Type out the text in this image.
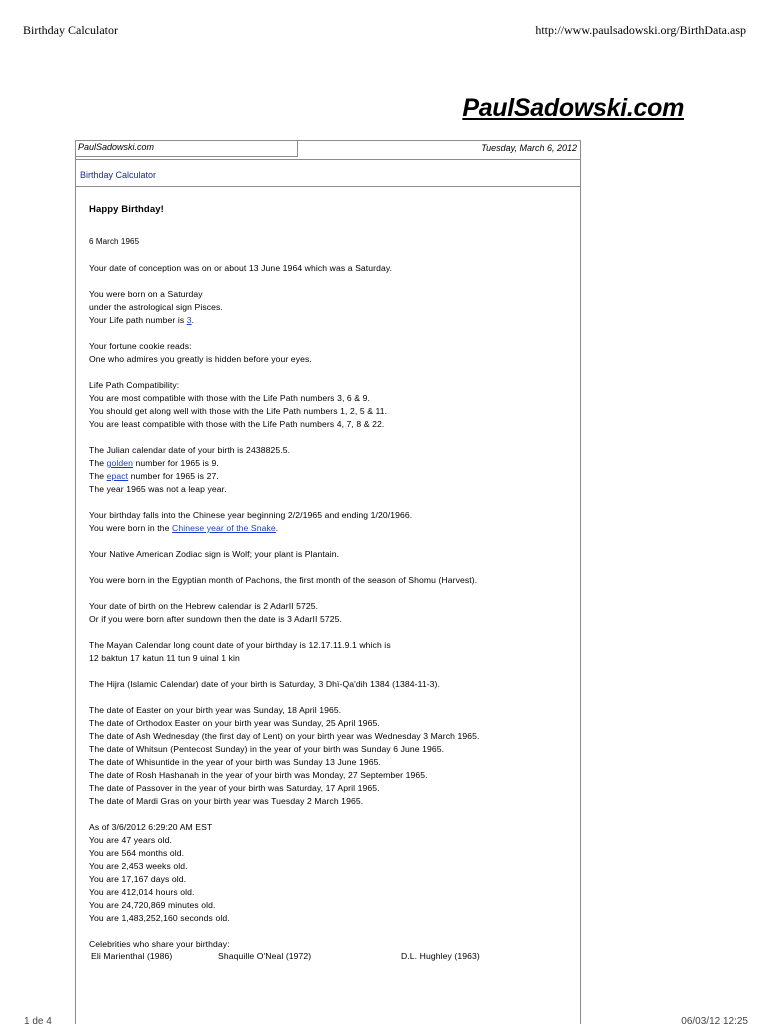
Birthday Calculator	http://www.paulsadowski.org/BirthData.asp
PaulSadowski.com
PaulSadowski.com	Tuesday, March 6, 2012
Birthday Calculator
Happy Birthday!
6 March 1965

Your date of conception was on or about 13 June 1964 which was a Saturday.

You were born on a Saturday
under the astrological sign Pisces.
Your Life path number is 3.

Your fortune cookie reads:
One who admires you greatly is hidden before your eyes.

Life Path Compatibility:
You are most compatible with those with the Life Path numbers 3, 6 & 9.
You should get along well with those with the Life Path numbers 1, 2, 5 & 11.
You are least compatible with those with the Life Path numbers 4, 7, 8 & 22.

The Julian calendar date of your birth is 2438825.5.
The golden number for 1965 is 9.
The epact number for 1965 is 27.
The year 1965 was not a leap year.

Your birthday falls into the Chinese year beginning 2/2/1965 and ending 1/20/1966.
You were born in the Chinese year of the Snake.

Your Native American Zodiac sign is Wolf; your plant is Plantain.

You were born in the Egyptian month of Pachons, the first month of the season of Shomu (Harvest).

Your date of birth on the Hebrew calendar is 2 AdarII 5725.
Or if you were born after sundown then the date is 3 AdarII 5725.

The Mayan Calendar long count date of your birthday is 12.17.11.9.1 which is
12 baktun 17 katun 11 tun 9 uinal 1 kin

The Hijra (Islamic Calendar) date of your birth is Saturday, 3 Dhï-Qa'dih 1384 (1384-11-3).

The date of Easter on your birth year was Sunday, 18 April 1965.
The date of Orthodox Easter on your birth year was Sunday, 25 April 1965.
The date of Ash Wednesday (the first day of Lent) on your birth year was Wednesday 3 March 1965.
The date of Whitsun (Pentecost Sunday) in the year of your birth was Sunday 6 June 1965.
The date of Whisuntide in the year of your birth was Sunday 13 June 1965.
The date of Rosh Hashanah in the year of your birth was Monday, 27 September 1965.
The date of Passover in the year of your birth was Saturday, 17 April 1965.
The date of Mardi Gras on your birth year was Tuesday 2 March 1965.

As of 3/6/2012 6:29:20 AM EST
You are 47 years old.
You are 564 months old.
You are 2,453 weeks old.
You are 17,167 days old.
You are 412,014 hours old.
You are 24,720,869 minutes old.
You are 1,483,252,160 seconds old.

Celebrities who share your birthday:
Eli Marienthal (1986)	Shaquille O'Neal (1972)	D.L. Hughley (1963)
1 de 4	06/03/12 12:25
